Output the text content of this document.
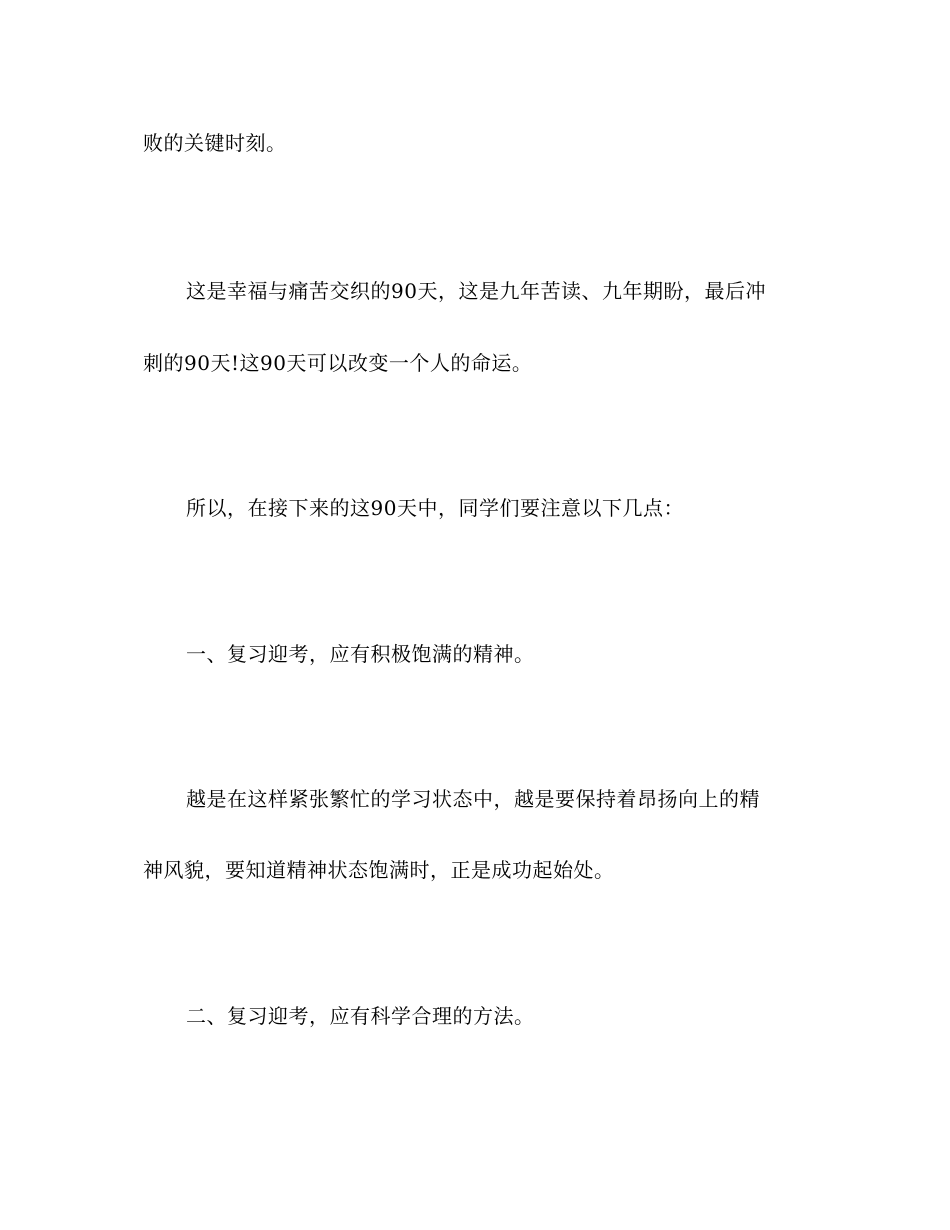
败的关键时刻。
这是幸福与痛苦交织的90天，这是九年苦读、九年期盼，最后冲
刺的90天!这90天可以改变一个人的命运。
所以，在接下来的这90天中，同学们要注意以下几点：
一、复习迎考，应有积极饱满的精神。
越是在这样紧张繁忙的学习状态中，越是要保持着昂扬向上的精
神风貌，要知道精神状态饱满时，正是成功起始处。
二、复习迎考，应有科学合理的方法。
